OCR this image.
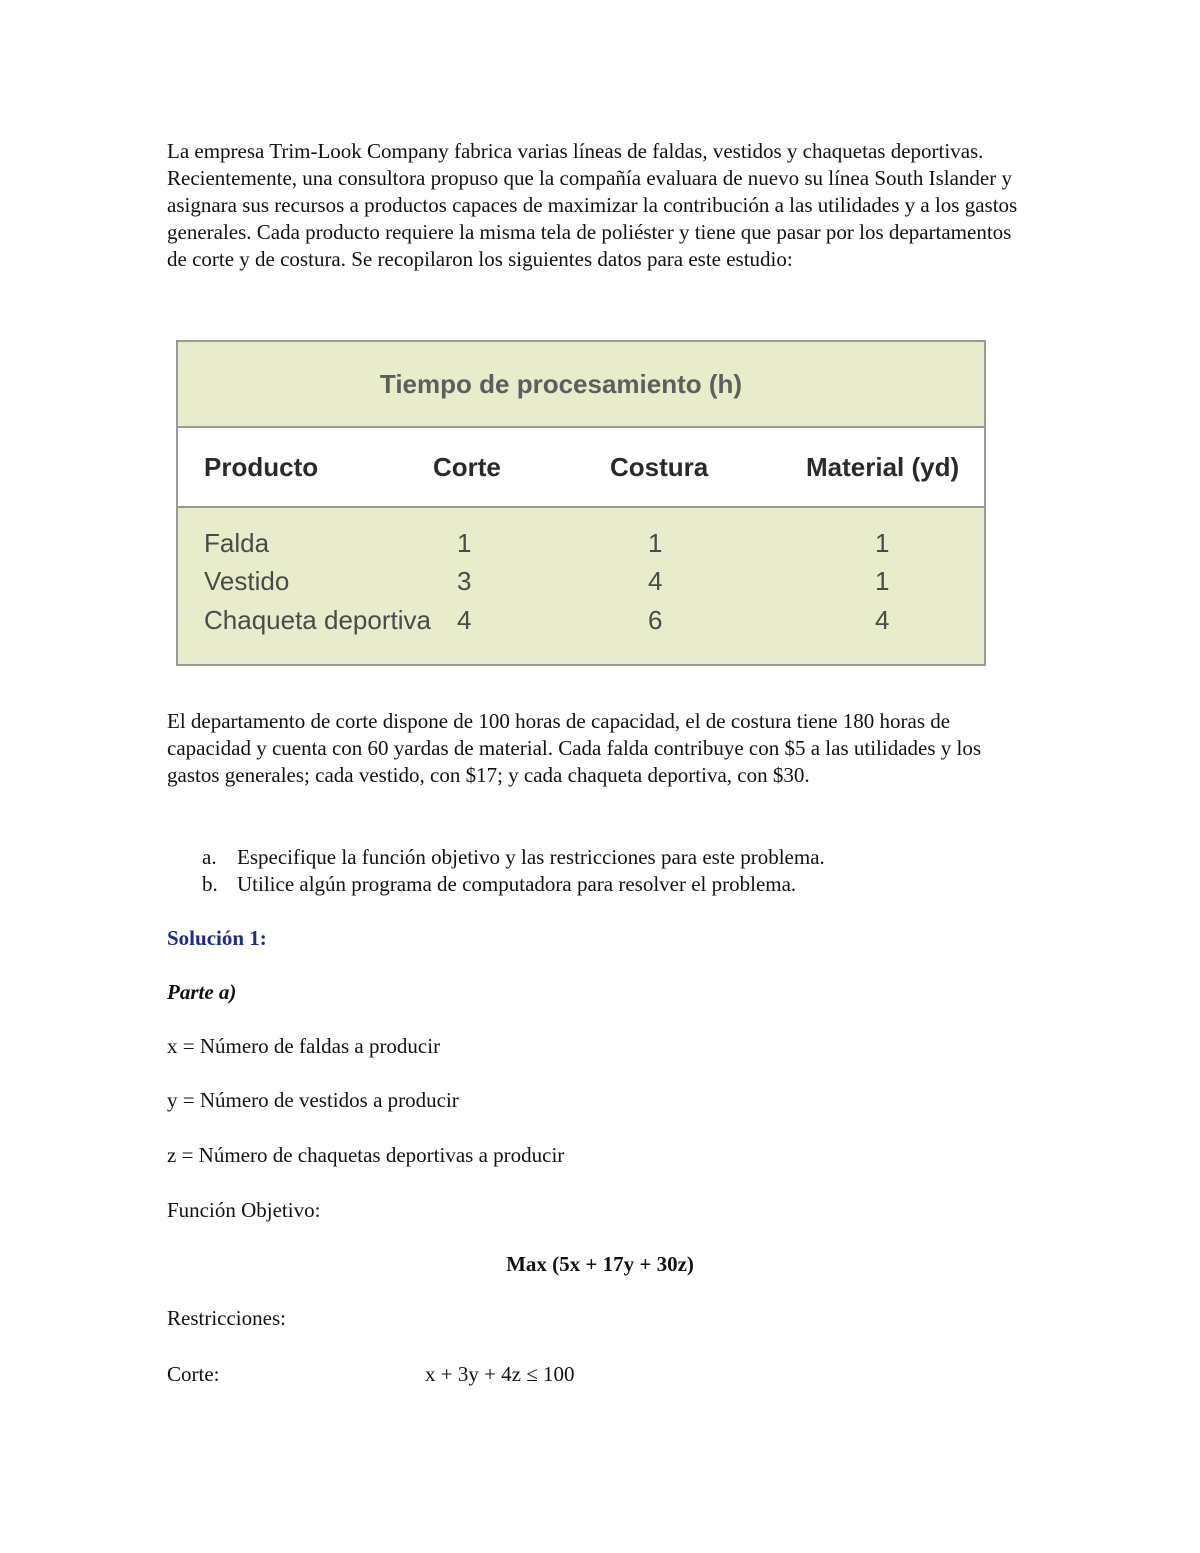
La empresa Trim-Look Company fabrica varias líneas de faldas, vestidos y chaquetas deportivas. Recientemente, una consultora propuso que la compañía evaluara de nuevo su línea South Islander y asignara sus recursos a productos capaces de maximizar la contribución a las utilidades y a los gastos generales. Cada producto requiere la misma tela de poliéster y tiene que pasar por los departamentos de corte y de costura. Se recopilaron los siguientes datos para este estudio:

Tiempo de procesamiento (h)
Producto	Corte	Costura	Material (yd)
Falda	1	1	1
Vestido	3	4	1
Chaqueta deportiva 4	6	4

El departamento de corte dispone de 100 horas de capacidad, el de costura tiene 180 horas de capacidad y cuenta con 60 yardas de material. Cada falda contribuye con $5 a las utilidades y los gastos generales; cada vestido, con $17; y cada chaqueta deportiva, con $30.

a. Especifique la función objetivo y las restricciones para este problema.
b. Utilice algún programa de computadora para resolver el problema.
Solución 1:
Parte a)
x = Número de faldas a producir
y = Número de vestidos a producir
z = Número de chaquetas deportivas a producir
Función Objetivo:
Max (5x + 17y + 30z)
Restricciones:
Corte:	x + 3y + 4z ≤ 100
